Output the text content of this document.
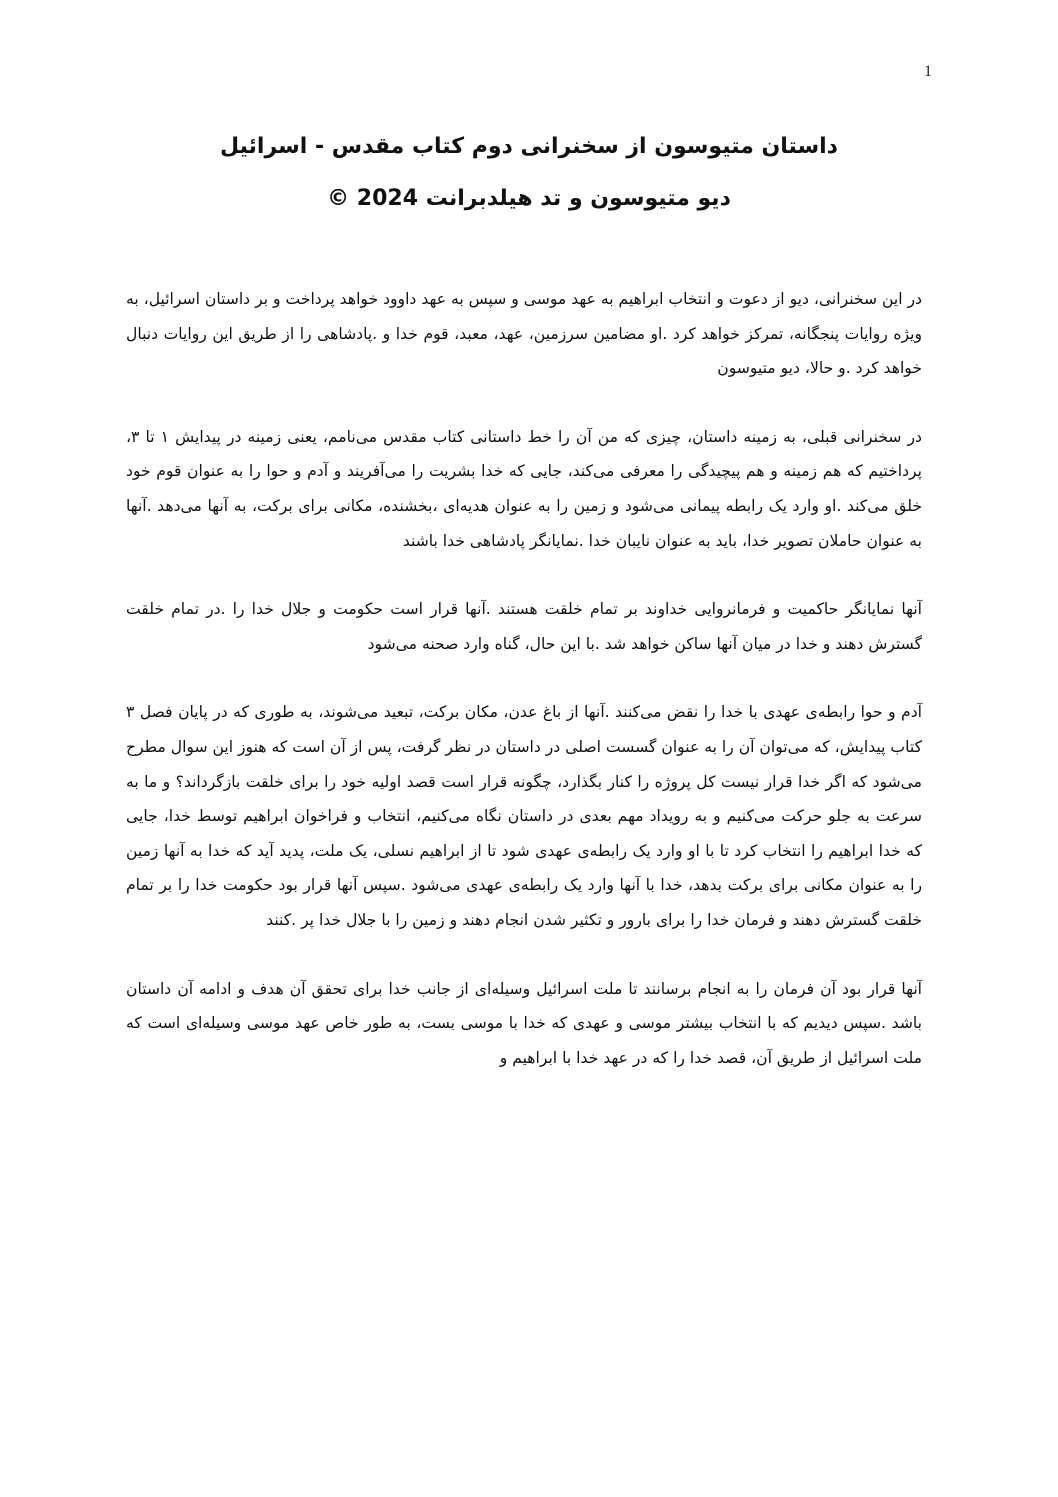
1

داستان متیوسون از سخنرانی دوم کتاب مقدس - اسرائیل

دیو متیوسون و تد هیلدبرانت 2024 ©

در این سخنرانی، دیو از دعوت و انتخاب ابراهیم به عهد موسی و سپس به عهد داوود خواهد پرداخت و بر داستان اسرائیل، به ویژه روایات پنجگانه، تمرکز خواهد کرد .او مضامین سرزمین، عهد، معبد، قوم خدا و .پادشاهی را از طریق این روایات دنبال خواهد کرد .و حالا، دیو متیوسون

در سخنرانی قبلی، به زمینه داستان، چیزی که من آن را خط داستانی کتاب مقدس می‌نامم، یعنی زمینه در پیدایش ۱ تا ۳، پرداختیم که هم زمینه و هم پیچیدگی را معرفی می‌کند، جایی که خدا بشریت را می‌آفریند و آدم و حوا را به عنوان قوم خود خلق می‌کند .او وارد یک رابطه پیمانی می‌شود و زمین را به عنوان هدیه‌ای ،بخشنده، مکانی برای برکت، به آنها می‌دهد .آنها به عنوان حاملان تصویر خدا، باید به عنوان نایبان خدا .نمایانگر پادشاهی خدا باشند

آنها نمایانگر حاکمیت و فرمانروایی خداوند بر تمام خلقت هستند .آنها قرار است حکومت و جلال خدا را .در تمام خلقت گسترش دهند و خدا در میان آنها ساکن خواهد شد .با این حال، گناه وارد صحنه می‌شود

آدم و حوا رابطه‌ی عهدی با خدا را نقض می‌کنند .آنها از باغ عدن، مکان برکت، تبعید می‌شوند، به طوری که در پایان فصل ۳ کتاب پیدایش، که می‌توان آن را به عنوان گسست اصلی در داستان در نظر گرفت، پس از آن است که هنوز این سوال مطرح می‌شود که اگر خدا قرار نیست کل پروژه را کنار بگذارد، چگونه قرار است قصد اولیه خود را برای خلقت بازگرداند؟ و ما به سرعت به جلو حرکت می‌کنیم و به رویداد مهم بعدی در داستان نگاه می‌کنیم، انتخاب و فراخوان ابراهیم توسط خدا، جایی که خدا ابراهیم را انتخاب کرد تا با او وارد یک رابطه‌ی عهدی شود تا از ابراهیم نسلی، یک ملت، پدید آید که خدا به آنها زمین را به عنوان مکانی برای برکت بدهد، خدا با آنها وارد یک رابطه‌ی عهدی می‌شود .سپس آنها قرار بود حکومت خدا را بر تمام خلقت گسترش دهند و فرمان خدا را برای بارور و تکثیر شدن انجام دهند و زمین را با جلال خدا پر .کنند

آنها قرار بود آن فرمان را به انجام برسانند تا ملت اسرائیل وسیله‌ای از جانب خدا برای تحقق آن هدف و ادامه آن داستان باشد .سپس دیدیم که با انتخاب بیشتر موسی و عهدی که خدا با موسی بست، به طور خاص عهد موسی وسیله‌ای است که ملت اسرائیل از طریق آن، قصد خدا را که در عهد خدا با ابراهیم و
